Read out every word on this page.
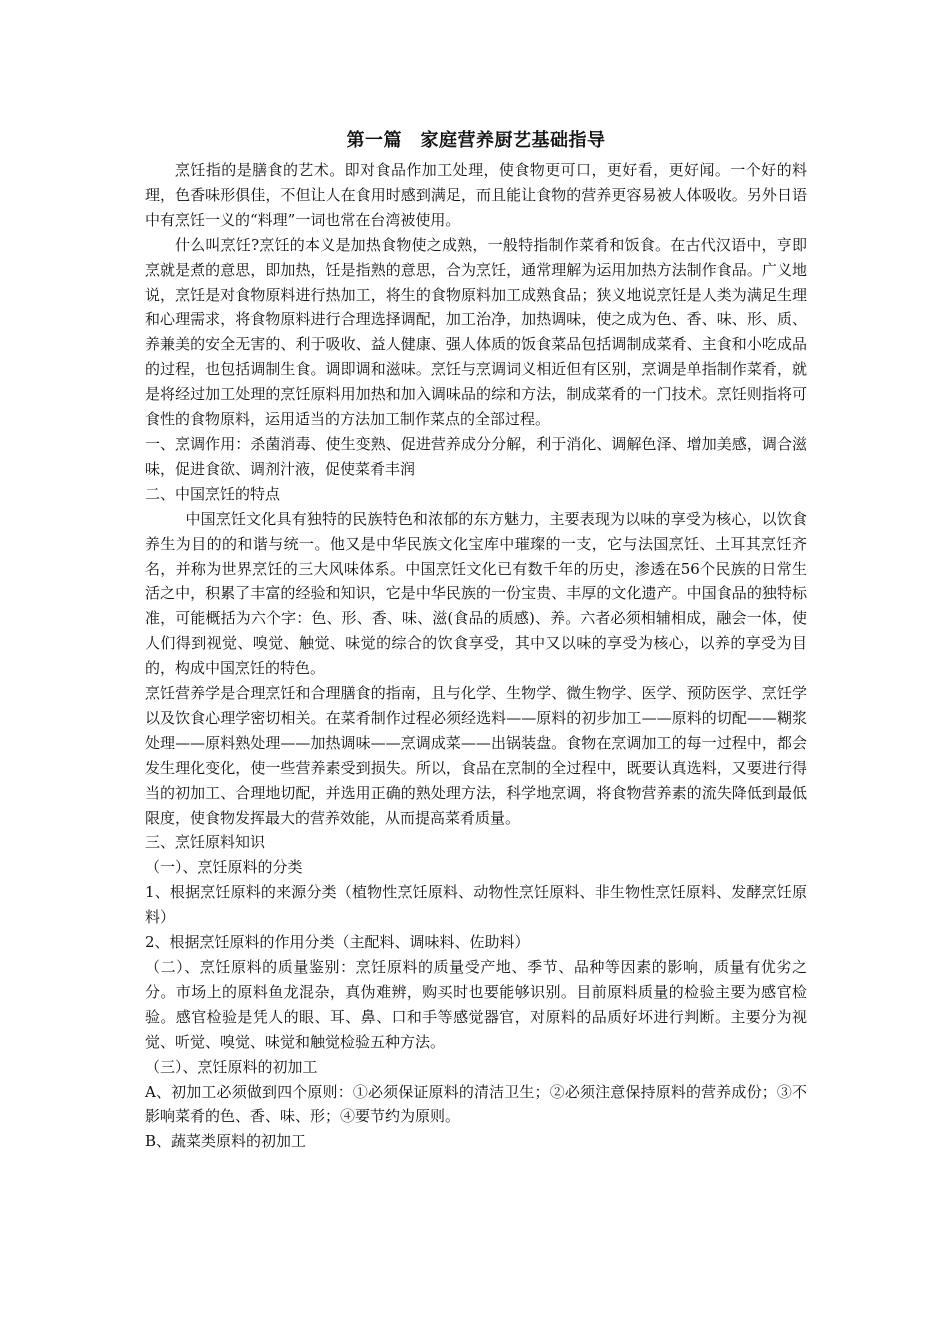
第一篇　家庭营养厨艺基础指导

烹饪指的是膳食的艺术。即对食品作加工处理，使食物更可口，更好看，更好闻。一个好的料理，色香味形俱佳，不但让人在食用时感到满足，而且能让食物的营养更容易被人体吸收。另外日语中有烹饪一义的“料理”一词也常在台湾被使用。

什么叫烹饪?烹饪的本义是加热食物使之成熟，一般特指制作菜肴和饭食。在古代汉语中，亨即烹就是煮的意思，即加热，饪是指熟的意思，合为烹饪，通常理解为运用加热方法制作食品。广义地说，烹饪是对食物原料进行热加工，将生的食物原料加工成熟食品；狭义地说烹饪是人类为满足生理和心理需求，将食物原料进行合理选择调配，加工治净，加热调味，使之成为色、香、味、形、质、养兼美的安全无害的、利于吸收、益人健康、强人体质的饭食菜品包括调制成菜肴、主食和小吃成品的过程，也包括调制生食。调即调和滋味。烹饪与烹调词义相近但有区别，烹调是单指制作菜肴，就是将经过加工处理的烹饪原料用加热和加入调味品的综和方法，制成菜肴的一门技术。烹饪则指将可食性的食物原料，运用适当的方法加工制作菜点的全部过程。

一、烹调作用：杀菌消毒、使生变熟、促进营养成分分解，利于消化、调解色泽、增加美感，调合滋味，促进食欲、调剂汁液，促使菜肴丰润

二、中国烹饪的特点

中国烹饪文化具有独特的民族特色和浓郁的东方魅力，主要表现为以味的享受为核心，以饮食养生为目的的和谐与统一。他又是中华民族文化宝库中璀璨的一支，它与法国烹饪、土耳其烹饪齐名，并称为世界烹饪的三大风味体系。中国烹饪文化已有数千年的历史，渗透在56个民族的日常生活之中，积累了丰富的经验和知识，它是中华民族的一份宝贵、丰厚的文化遗产。中国食品的独特标准，可能概括为六个字：色、形、香、味、滋(食品的质感)、养。六者必须相辅相成，融会一体，使人们得到视觉、嗅觉、触觉、味觉的综合的饮食享受，其中又以味的享受为核心，以养的享受为目的，构成中国烹饪的特色。

烹饪营养学是合理烹饪和合理膳食的指南，且与化学、生物学、微生物学、医学、预防医学、烹饪学以及饮食心理学密切相关。在菜肴制作过程必须经选料——原料的初步加工——原料的切配——糊浆处理——原料熟处理——加热调味——烹调成菜——出锅装盘。食物在烹调加工的每一过程中，都会发生理化变化，使一些营养素受到损失。所以，食品在烹制的全过程中，既要认真选料，又要进行得当的初加工、合理地切配，并选用正确的熟处理方法，科学地烹调，将食物营养素的流失降低到最低限度，使食物发挥最大的营养效能，从而提高菜肴质量。

三、烹饪原料知识

（一）、烹饪原料的分类

1、根据烹饪原料的来源分类（植物性烹饪原料、动物性烹饪原料、非生物性烹饪原料、发酵烹饪原料）

2、根据烹饪原料的作用分类（主配料、调味料、佐助料）

（二）、烹饪原料的质量鉴别：烹饪原料的质量受产地、季节、品种等因素的影响，质量有优劣之分。市场上的原料鱼龙混杂，真伪难辨，购买时也要能够识别。目前原料质量的检验主要为感官检验。感官检验是凭人的眼、耳、鼻、口和手等感觉器官，对原料的品质好坏进行判断。主要分为视觉、听觉、嗅觉、味觉和触觉检验五种方法。

（三）、烹饪原料的初加工

A、初加工必须做到四个原则：①必须保证原料的清洁卫生；②必须注意保持原料的营养成份；③不影响菜肴的色、香、味、形；④要节约为原则。

B、蔬菜类原料的初加工
